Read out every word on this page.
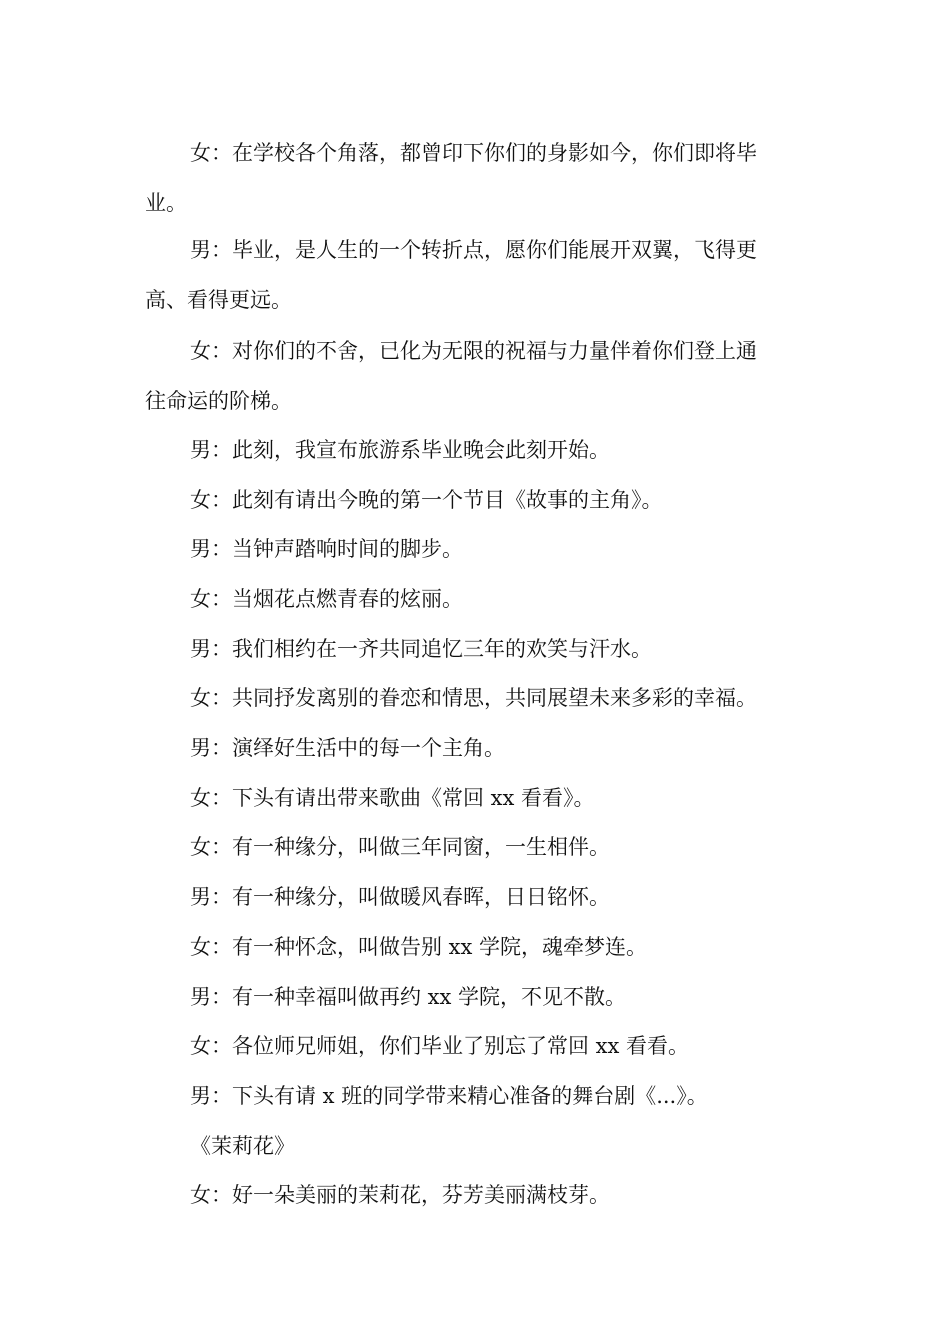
女：在学校各个角落，都曾印下你们的身影如今，你们即将毕
业。

男：毕业，是人生的一个转折点，愿你们能展开双翼，飞得更
高、看得更远。

女：对你们的不舍，已化为无限的祝福与力量伴着你们登上通
往命运的阶梯。

男：此刻，我宣布旅游系毕业晚会此刻开始。

女：此刻有请出今晚的第一个节目《故事的主角》。

男：当钟声踏响时间的脚步。

女：当烟花点燃青春的炫丽。

男：我们相约在一齐共同追忆三年的欢笑与汗水。

女：共同抒发离别的眷恋和情思，共同展望未来多彩的幸福。

男：演绎好生活中的每一个主角。

女：下头有请出带来歌曲《常回 xx 看看》。

女：有一种缘分，叫做三年同窗，一生相伴。

男：有一种缘分，叫做暖风春晖，日日铭怀。

女：有一种怀念，叫做告别 xx 学院，魂牵梦连。

男：有一种幸福叫做再约 xx 学院，不见不散。

女：各位师兄师姐，你们毕业了别忘了常回 xx 看看。

男：下头有请 x 班的同学带来精心准备的舞台剧《...》。

《茉莉花》

女：好一朵美丽的茉莉花，芬芳美丽满枝芽。
